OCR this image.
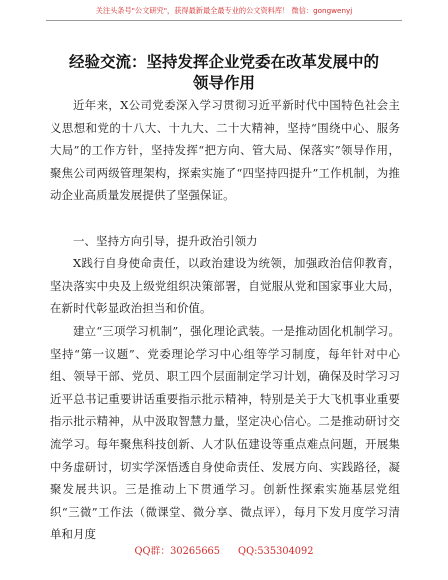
关注头条号"公文研究"，获得最新最全最专业的公文资料库！ 微信：gongwenyj
经验交流：坚持发挥企业党委在改革发展中的
领导作用

近年来，X公司党委深入学习贯彻习近平新时代中国特色社会主义思想和党的十八大、十九大、二十大精神，坚持“围绕中心、服务大局”的工作方针，坚持发挥“把方向、管大局、保落实”领导作用，聚焦公司两级管理架构，探索实施了“四坚持四提升”工作机制，为推动企业高质量发展提供了坚强保证。

一、坚持方向引导，提升政治引领力

X践行自身使命责任，以政治建设为统领，加强政治信仰教育，坚决落实中央及上级党组织决策部署，自觉服从党和国家事业大局，在新时代彰显政治担当和价值。

建立“三项学习机制”，强化理论武装。一是推动固化机制学习。坚持“第一议题”、党委理论学习中心组等学习制度，每年针对中心组、领导干部、党员、职工四个层面制定学习计划，确保及时学习习近平总书记重要讲话重要指示批示精神，特别是关于大飞机事业重要指示批示精神，从中汲取智慧力量，坚定决心信心。二是推动研讨交流学习。每年聚焦科技创新、人才队伍建设等重点难点问题，开展集中务虚研讨，切实学深悟透自身使命责任、发展方向、实践路径，凝聚发展共识。三是推动上下贯通学习。创新性探索实施基层党组织“三微”工作法（微课堂、微分享、微点评），每月下发月度学习清单和月度

QQ群：30265665 QQ:535304092
